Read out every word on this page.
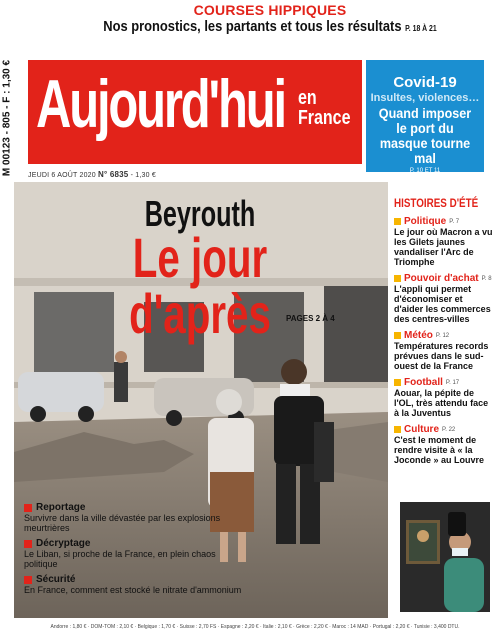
COURSES HIPPIQUES
Nos pronostics, les partants et tous les résultats P. 18 À 21
M 00123 - 805 - F : 1,30 € Aujourd'hui en
France
JEUDI 6 AOÛT 2020 N° 6835 - 1,30 €
Covid-19
Insultes, violences…
Quand imposer le port du masque tourne mal
P. 10 ET 11
Beyrouth
Le jour d'après	PAGES 2 À 4
Reportage
Survivre dans la ville dévastée par les explosions meurtrières
Décryptage
Le Liban, si proche de la France, en plein chaos politique
Sécurité
En France, comment est stocké le nitrate d'ammonium
HISTOIRES D'ÉTÉ
Politique P. 7
Le jour où Macron a vu les Gilets jaunes vandaliser l'Arc de Triomphe
Pouvoir d'achat P. 8
L'appli qui permet d'économiser et d'aider les commerces des centres-villes
Météo P. 12
Températures records prévues dans le sud-ouest de la France
Football P. 17
Aouar, la pépite de l'OL, très attendu face à la Juventus
Culture P. 22
C'est le moment de rendre visite à « la Joconde » au Louvre
Andorre : 1,80 € · DOM-TOM : 2,10 € · Belgique : 1,70 € · Suisse : 2,70 FS · Espagne : 2,20 € · Italie : 2,10 € · Grèce : 2,20 € · Maroc : 14 MAD · Portugal : 2,20 € · Tunisie : 3,400 DTU.
